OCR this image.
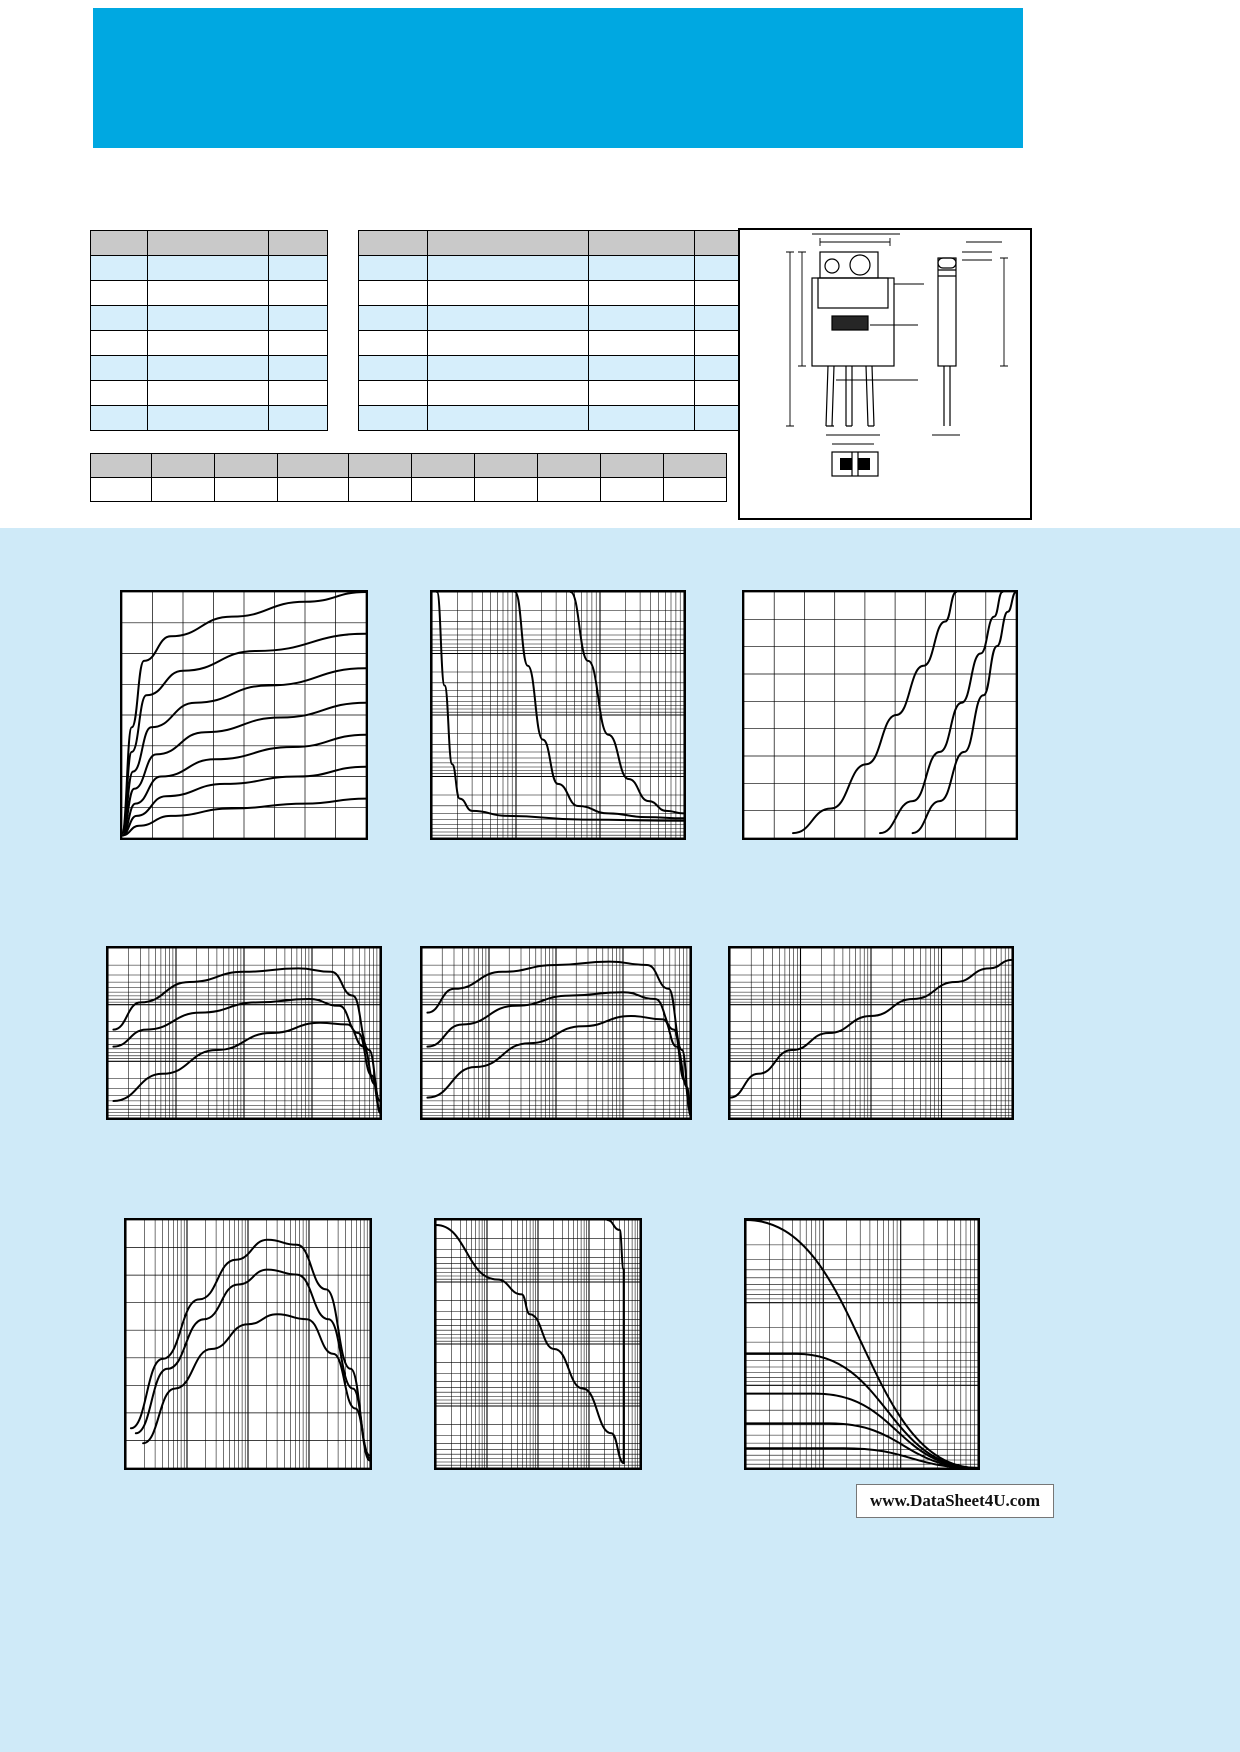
www.DataSheet4U.com
